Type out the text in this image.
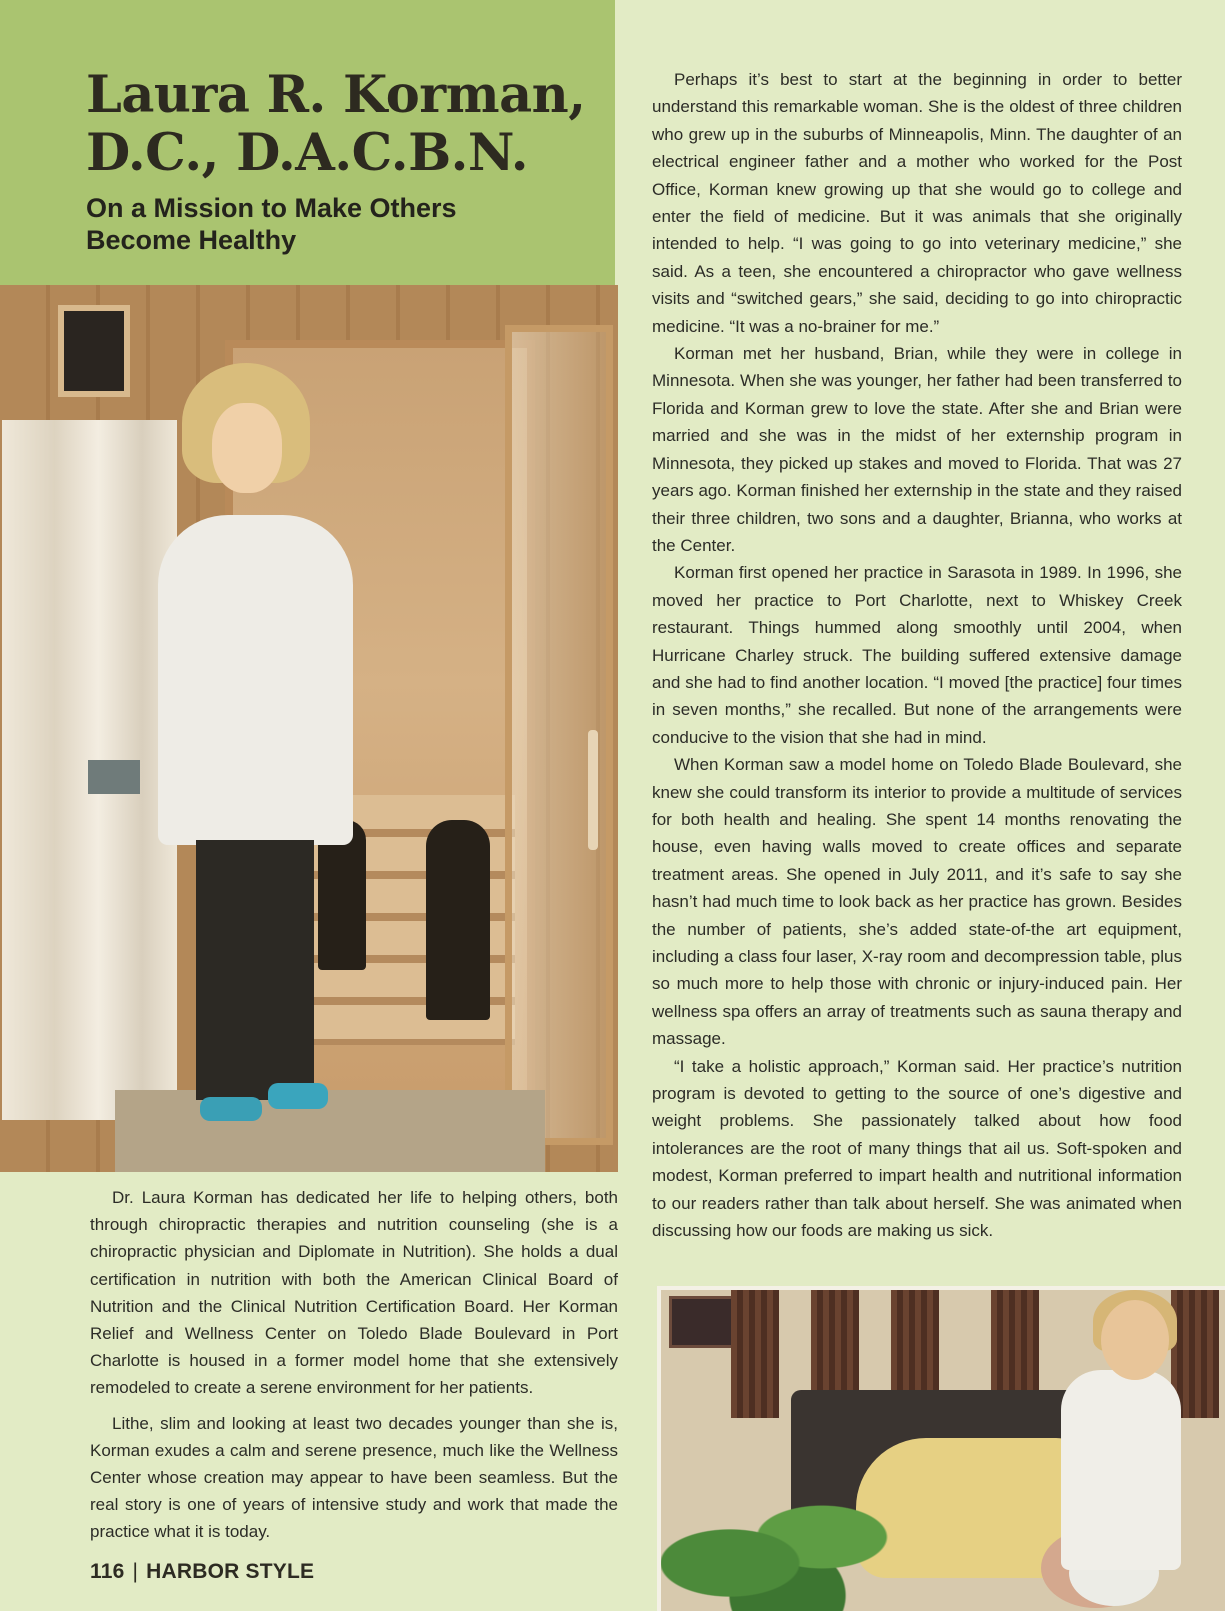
Laura R. Korman,
D.C., D.A.C.B.N.
On a Mission to Make Others
Become Healthy

Perhaps it’s best to start at the beginning in order to better understand this remarkable woman. She is the oldest of three children who grew up in the suburbs of Minneapolis, Minn. The daughter of an electrical engineer father and a mother who worked for the Post Office, Korman knew growing up that she would go to college and enter the field of medicine. But it was animals that she originally intended to help. “I was going to go into veterinary medicine,” she said. As a teen, she encountered a chiropractor who gave wellness visits and “switched gears,” she said, deciding to go into chiropractic medicine. “It was a no-brainer for me.”

Korman met her husband, Brian, while they were in college in Minnesota. When she was younger, her father had been transferred to Florida and Korman grew to love the state. After she and Brian were married and she was in the midst of her externship program in Minnesota, they picked up stakes and moved to Florida. That was 27 years ago. Korman finished her externship in the state and they raised their three children, two sons and a daughter, Brianna, who works at the Center.

Korman first opened her practice in Sarasota in 1989. In 1996, she moved her practice to Port Charlotte, next to Whiskey Creek restaurant. Things hummed along smoothly until 2004, when Hurricane Charley struck. The building suffered extensive damage and she had to find another location. “I moved [the practice] four times in seven months,” she recalled. But none of the arrangements were conducive to the vision that she had in mind.

When Korman saw a model home on Toledo Blade Boulevard, she knew she could transform its interior to provide a multitude of services for both health and healing. She spent 14 months renovating the house, even having walls moved to create offices and separate treatment areas. She opened in July 2011, and it’s safe to say she hasn’t had much time to look back as her practice has grown. Besides the number of patients, she’s added state-of-the art equipment, including a class four laser, X-ray room and decompression table, plus so much more to help those with chronic or injury-induced pain. Her wellness spa offers an array of treatments such as sauna therapy and massage.

“I take a holistic approach,” Korman said. Her practice’s nutrition program is devoted to getting to the source of one’s digestive and weight problems. She passionately talked about how food intolerances are the root of many things that ail us. Soft-spoken and modest, Korman preferred to impart health and nutritional information to our readers rather than talk about herself. She was animated when discussing how our foods are making us sick.

Dr. Laura Korman has dedicated her life to helping others, both through chiropractic therapies and nutrition counseling (she is a chiropractic physician and Diplomate in Nutrition). She holds a dual certification in nutrition with both the American Clinical Board of Nutrition and the Clinical Nutrition Certification Board. Her Korman Relief and Wellness Center on Toledo Blade Boulevard in Port Charlotte is housed in a former model home that she extensively remodeled to create a serene environment for her patients.

Lithe, slim and looking at least two decades younger than she is, Korman exudes a calm and serene presence, much like the Wellness Center whose creation may appear to have been seamless. But the real story is one of years of intensive study and work that made the practice what it is today.

116 | HARBOR STYLE
